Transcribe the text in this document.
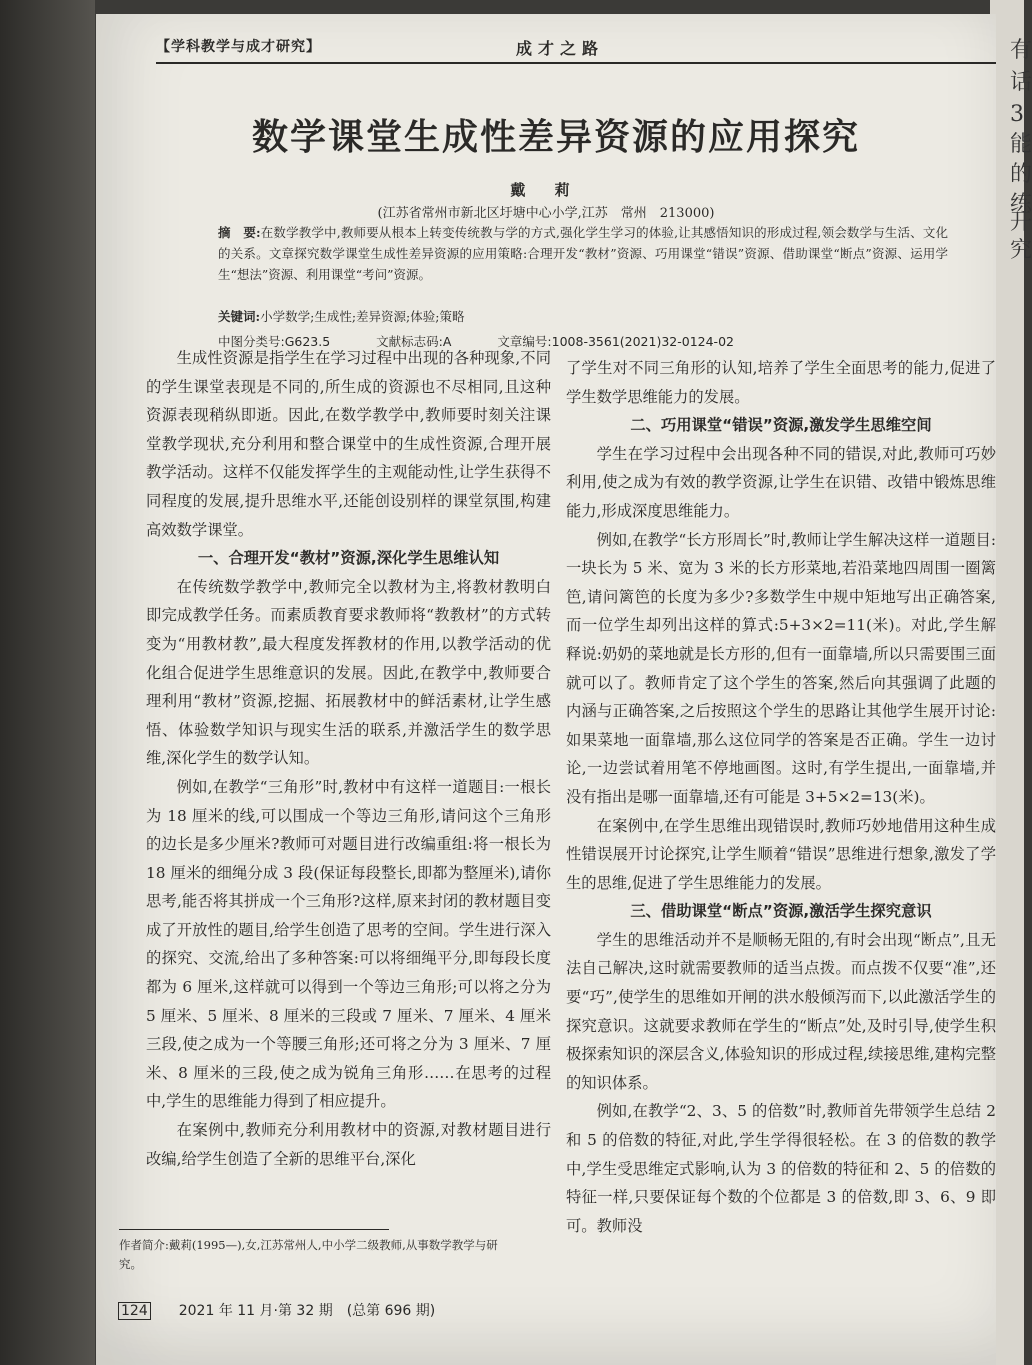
有
话
3
能
的
练
开
究
【学科教学与成才研究】	成才之路
数学课堂生成性差异资源的应用探究
戴 莉
(江苏省常州市新北区圩塘中心小学,江苏　常州　213000)
摘　要:在数学教学中,教师要从根本上转变传统教与学的方式,强化学生学习的体验,让其感悟知识的形成过程,领会数学与生活、文化的关系。文章探究数学课堂生成性差异资源的应用策略:合理开发“教材”资源、巧用课堂“错误”资源、借助课堂“断点”资源、运用学生“想法”资源、利用课堂“考问”资源。
关键词:小学数学;生成性;差异资源;体验;策略
中图分类号:G623.5	文献标志码:A	文章编号:1008-3561(2021)32-0124-02

生成性资源是指学生在学习过程中出现的各种现象,不同的学生课堂表现是不同的,所生成的资源也不尽相同,且这种资源表现稍纵即逝。因此,在数学教学中,教师要时刻关注课堂教学现状,充分利用和整合课堂中的生成性资源,合理开展教学活动。这样不仅能发挥学生的主观能动性,让学生获得不同程度的发展,提升思维水平,还能创设别样的课堂氛围,构建高效数学课堂。

一、合理开发“教材”资源,深化学生思维认知

在传统数学教学中,教师完全以教材为主,将教材教明白即完成教学任务。而素质教育要求教师将“教教材”的方式转变为“用教材教”,最大程度发挥教材的作用,以教学活动的优化组合促进学生思维意识的发展。因此,在教学中,教师要合理利用“教材”资源,挖掘、拓展教材中的鲜活素材,让学生感悟、体验数学知识与现实生活的联系,并激活学生的数学思维,深化学生的数学认知。

例如,在教学“三角形”时,教材中有这样一道题目:一根长为 18 厘米的线,可以围成一个等边三角形,请问这个三角形的边长是多少厘米?教师可对题目进行改编重组:将一根长为 18 厘米的细绳分成 3 段(保证每段整长,即都为整厘米),请你思考,能否将其拼成一个三角形?这样,原来封闭的教材题目变成了开放性的题目,给学生创造了思考的空间。学生进行深入的探究、交流,给出了多种答案:可以将细绳平分,即每段长度都为 6 厘米,这样就可以得到一个等边三角形;可以将之分为 5 厘米、5 厘米、8 厘米的三段或 7 厘米、7 厘米、4 厘米三段,使之成为一个等腰三角形;还可将之分为 3 厘米、7 厘米、8 厘米的三段,使之成为锐角三角形……在思考的过程中,学生的思维能力得到了相应提升。

在案例中,教师充分利用教材中的资源,对教材题目进行改编,给学生创造了全新的思维平台,深化

了学生对不同三角形的认知,培养了学生全面思考的能力,促进了学生数学思维能力的发展。

二、巧用课堂“错误”资源,激发学生思维空间

学生在学习过程中会出现各种不同的错误,对此,教师可巧妙利用,使之成为有效的教学资源,让学生在识错、改错中锻炼思维能力,形成深度思维能力。

例如,在教学“长方形周长”时,教师让学生解决这样一道题目:一块长为 5 米、宽为 3 米的长方形菜地,若沿菜地四周围一圈篱笆,请问篱笆的长度为多少?多数学生中规中矩地写出正确答案,而一位学生却列出这样的算式:5+3×2=11(米)。对此,学生解释说:奶奶的菜地就是长方形的,但有一面靠墙,所以只需要围三面就可以了。教师肯定了这个学生的答案,然后向其强调了此题的内涵与正确答案,之后按照这个学生的思路让其他学生展开讨论:如果菜地一面靠墙,那么这位同学的答案是否正确。学生一边讨论,一边尝试着用笔不停地画图。这时,有学生提出,一面靠墙,并没有指出是哪一面靠墙,还有可能是 3+5×2=13(米)。

在案例中,在学生思维出现错误时,教师巧妙地借用这种生成性错误展开讨论探究,让学生顺着“错误”思维进行想象,激发了学生的思维,促进了学生思维能力的发展。

三、借助课堂“断点”资源,激活学生探究意识

学生的思维活动并不是顺畅无阻的,有时会出现“断点”,且无法自己解决,这时就需要教师的适当点拨。而点拨不仅要“准”,还要“巧”,使学生的思维如开闸的洪水般倾泻而下,以此激活学生的探究意识。这就要求教师在学生的“断点”处,及时引导,使学生积极探索知识的深层含义,体验知识的形成过程,续接思维,建构完整的知识体系。

例如,在教学“2、3、5 的倍数”时,教师首先带领学生总结 2 和 5 的倍数的特征,对此,学生学得很轻松。在 3 的倍数的教学中,学生受思维定式影响,认为 3 的倍数的特征和 2、5 的倍数的特征一样,只要保证每个数的个位都是 3 的倍数,即 3、6、9 即可。教师没

作者简介:戴莉(1995—),女,江苏常州人,中小学二级教师,从事数学教学与研究。
124 2021 年 11 月·第 32 期　(总第 696 期)
